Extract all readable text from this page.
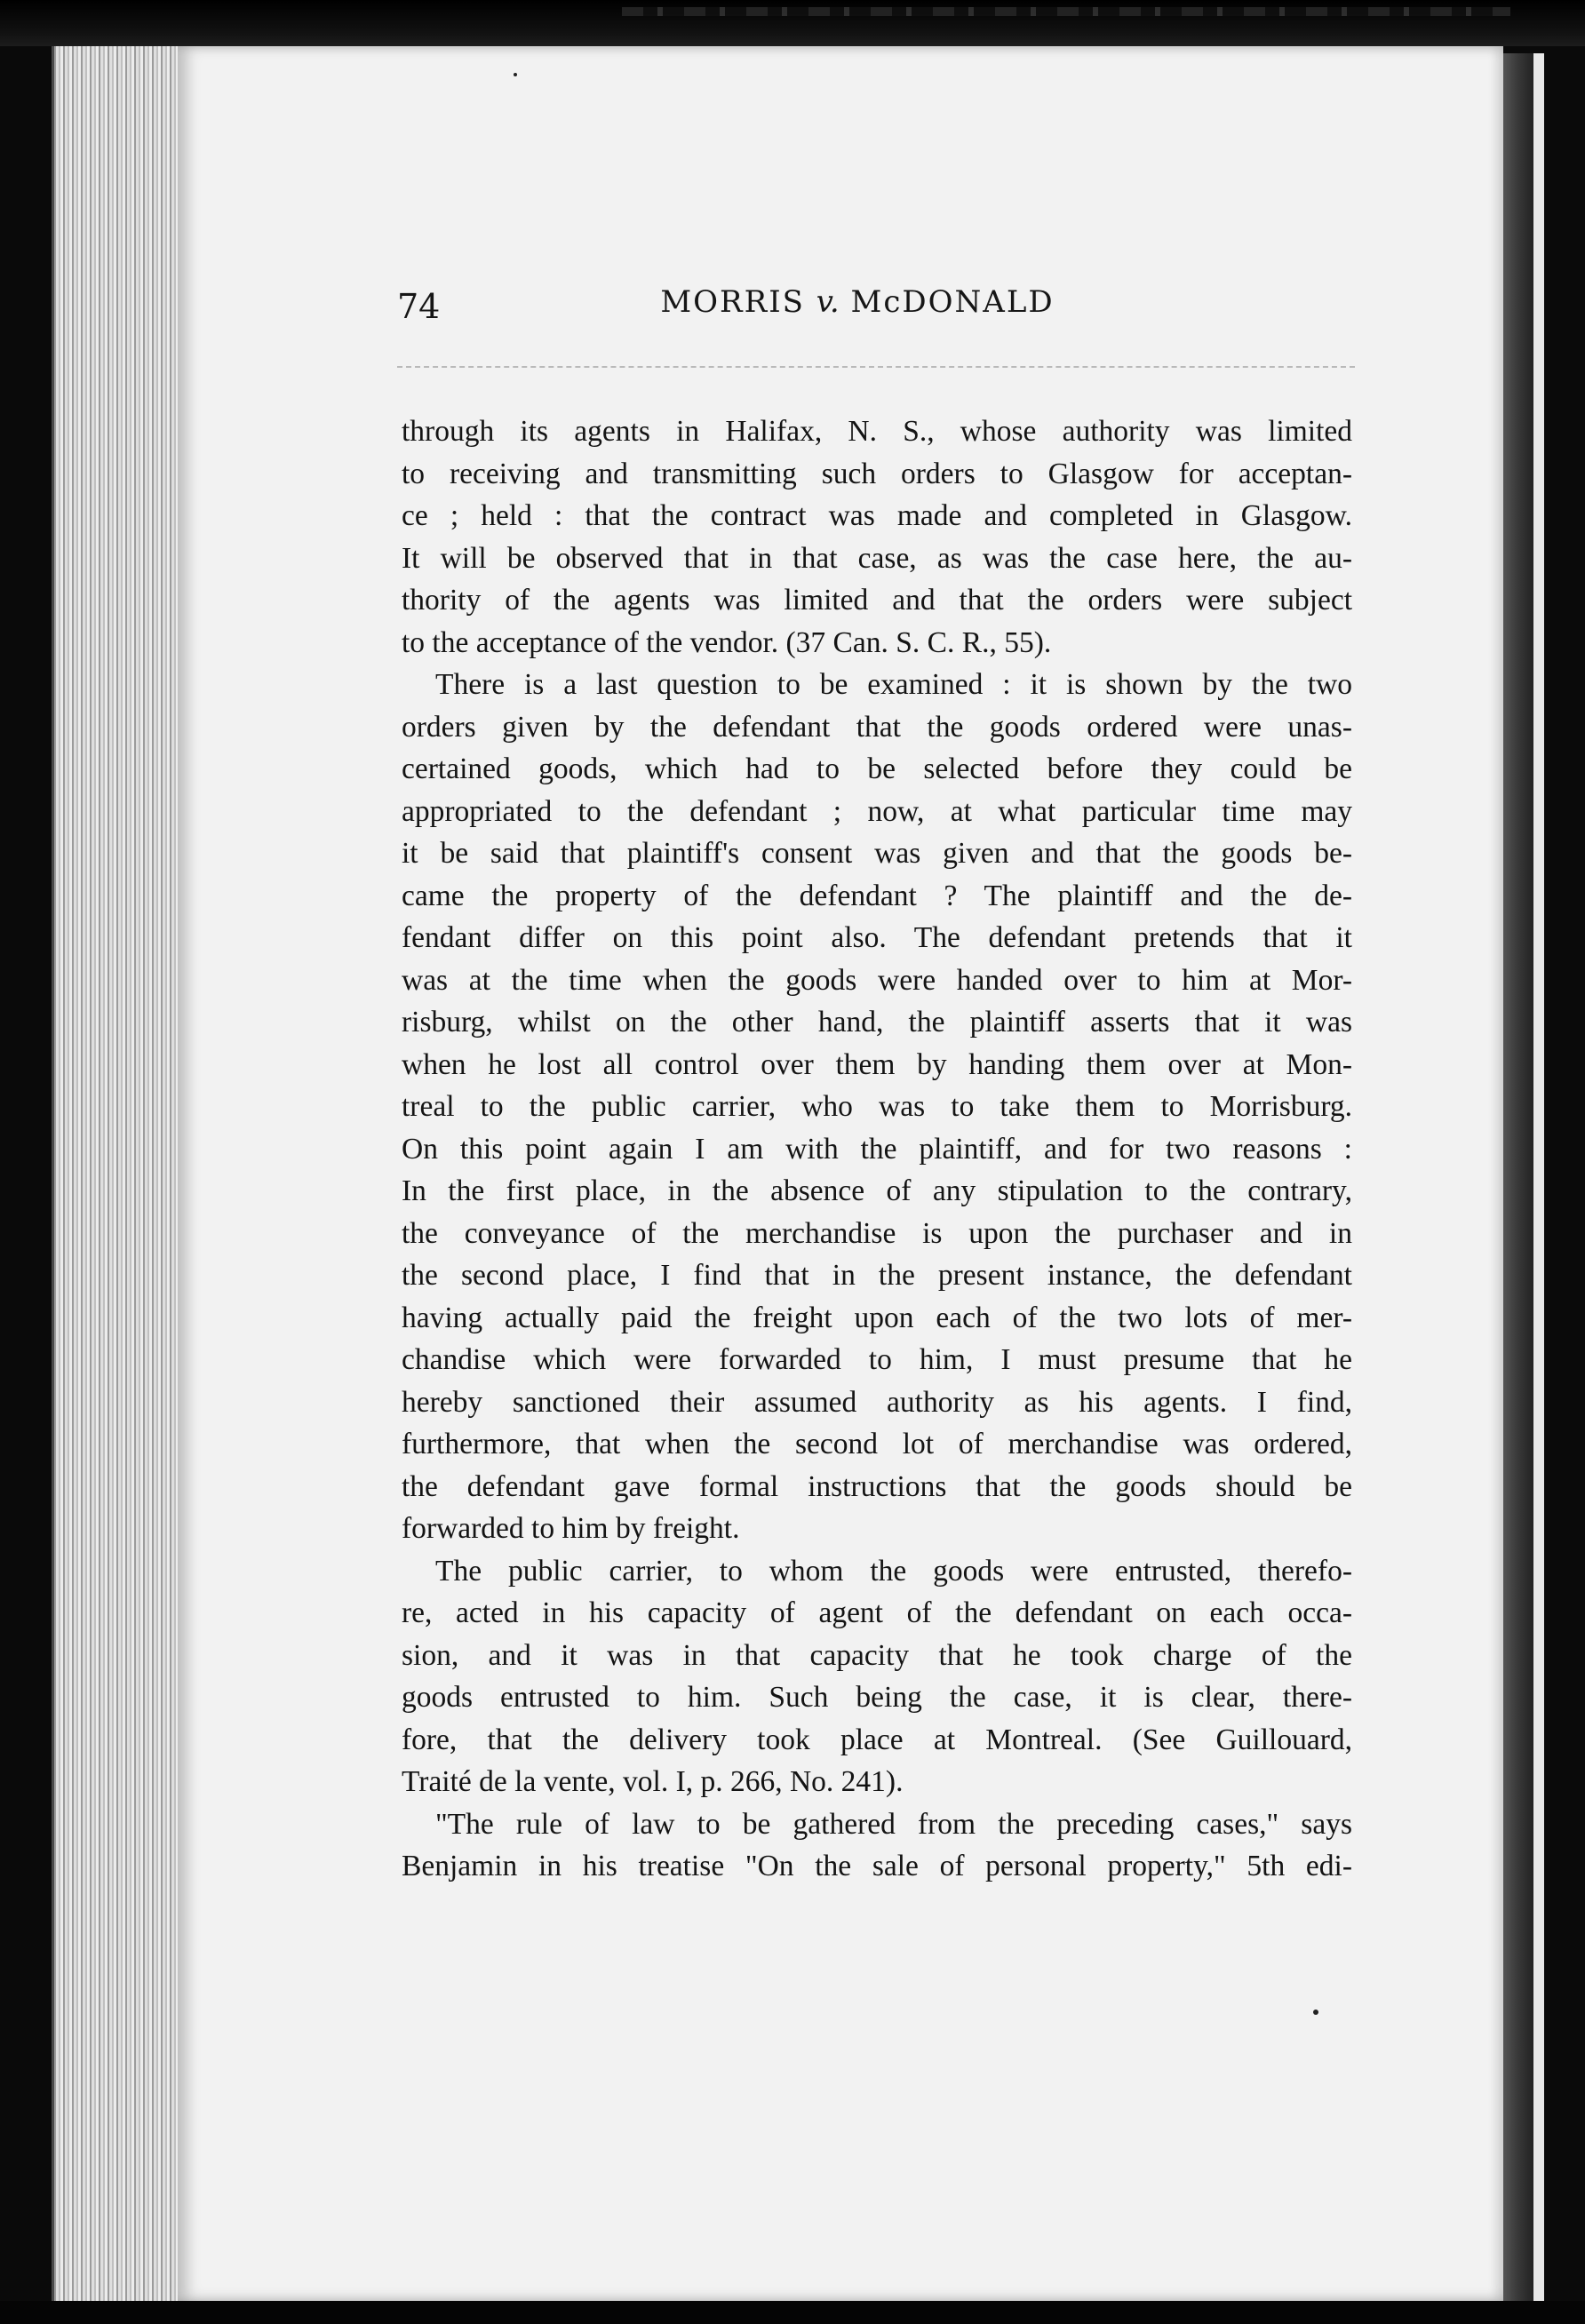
74	MORRIS v. McDONALD

through its agents in Halifax, N. S., whose authority was limited
to receiving and transmitting such orders to Glasgow for acceptan-
ce ; held : that the contract was made and completed in Glasgow.
It will be observed that in that case, as was the case here, the au-
thority of the agents was limited and that the orders were subject
to the acceptance of the vendor. (37 Can. S. C. R., 55).

There is a last question to be examined : it is shown by the two
orders given by the defendant that the goods ordered were unas-
certained goods, which had to be selected before they could be
appropriated to the defendant ; now, at what particular time may
it be said that plaintiff's consent was given and that the goods be-
came the property of the defendant ? The plaintiff and the de-
fendant differ on this point also. The defendant pretends that it
was at the time when the goods were handed over to him at Mor-
risburg, whilst on the other hand, the plaintiff asserts that it was
when he lost all control over them by handing them over at Mon-
treal to the public carrier, who was to take them to Morrisburg.
On this point again I am with the plaintiff, and for two reasons :
In the first place, in the absence of any stipulation to the contrary,
the conveyance of the merchandise is upon the purchaser and in
the second place, I find that in the present instance, the defendant
having actually paid the freight upon each of the two lots of mer-
chandise which were forwarded to him, I must presume that he
hereby sanctioned their assumed authority as his agents. I find,
furthermore, that when the second lot of merchandise was ordered,
the defendant gave formal instructions that the goods should be
forwarded to him by freight.

The public carrier, to whom the goods were entrusted, therefo-
re, acted in his capacity of agent of the defendant on each occa-
sion, and it was in that capacity that he took charge of the
goods entrusted to him. Such being the case, it is clear, there-
fore, that the delivery took place at Montreal. (See Guillouard,
Traité de la vente, vol. I, p. 266, No. 241).

"The rule of law to be gathered from the preceding cases," says
Benjamin in his treatise "On the sale of personal property," 5th edi-
